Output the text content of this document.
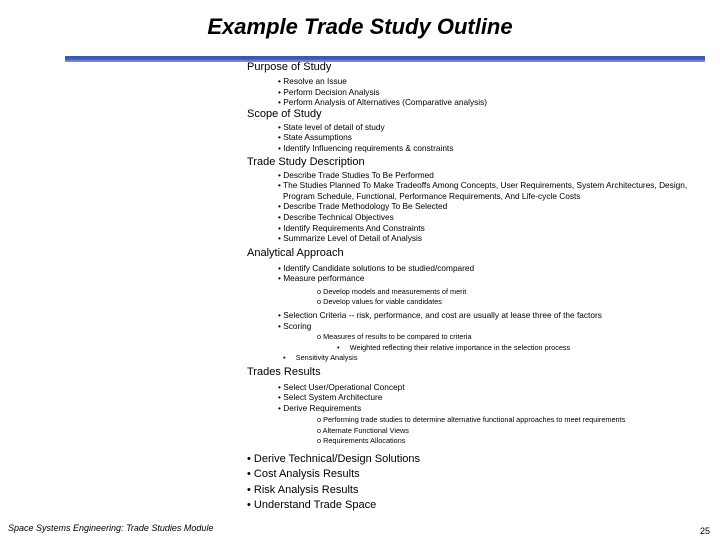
Example Trade Study Outline

Purpose of Study

• Resolve an Issue

• Perform Decision Analysis

• Perform Analysis of Alternatives (Comparative analysis)

Scope of Study

• State level of detail of study

• State Assumptions

• Identify Influencing requirements & constraints

Trade Study Description

• Describe Trade Studies To Be Performed

• The Studies Planned To Make Tradeoffs Among Concepts, User Requirements, System Architectures, Design, Program Schedule, Functional, Performance Requirements, And Life-cycle Costs

• Describe Trade Methodology To Be Selected

• Describe Technical Objectives

• Identify Requirements And Constraints

• Summarize Level of Detail of Analysis

Analytical Approach

• Identify Candidate solutions to be studied/compared

• Measure performance

o Develop models and measurements of merit

o Develop values for viable candidates

• Selection Criteria -- risk, performance, and cost are usually at lease three of the factors

• Scoring

o Measures of results to be compared to criteria

•     Weighted reflecting their relative importance in the selection process

▪     Sensitivity Analysis

Trades Results

• Select User/Operational Concept

• Select System Architecture

• Derive Requirements

o Performing trade studies to determine alternative functional approaches to meet requirements

o Alternate Functional Views

o Requirements Allocations

• Derive Technical/Design Solutions

• Cost Analysis Results

• Risk Analysis Results

• Understand Trade Space

Space Systems Engineering: Trade Studies Module	25
